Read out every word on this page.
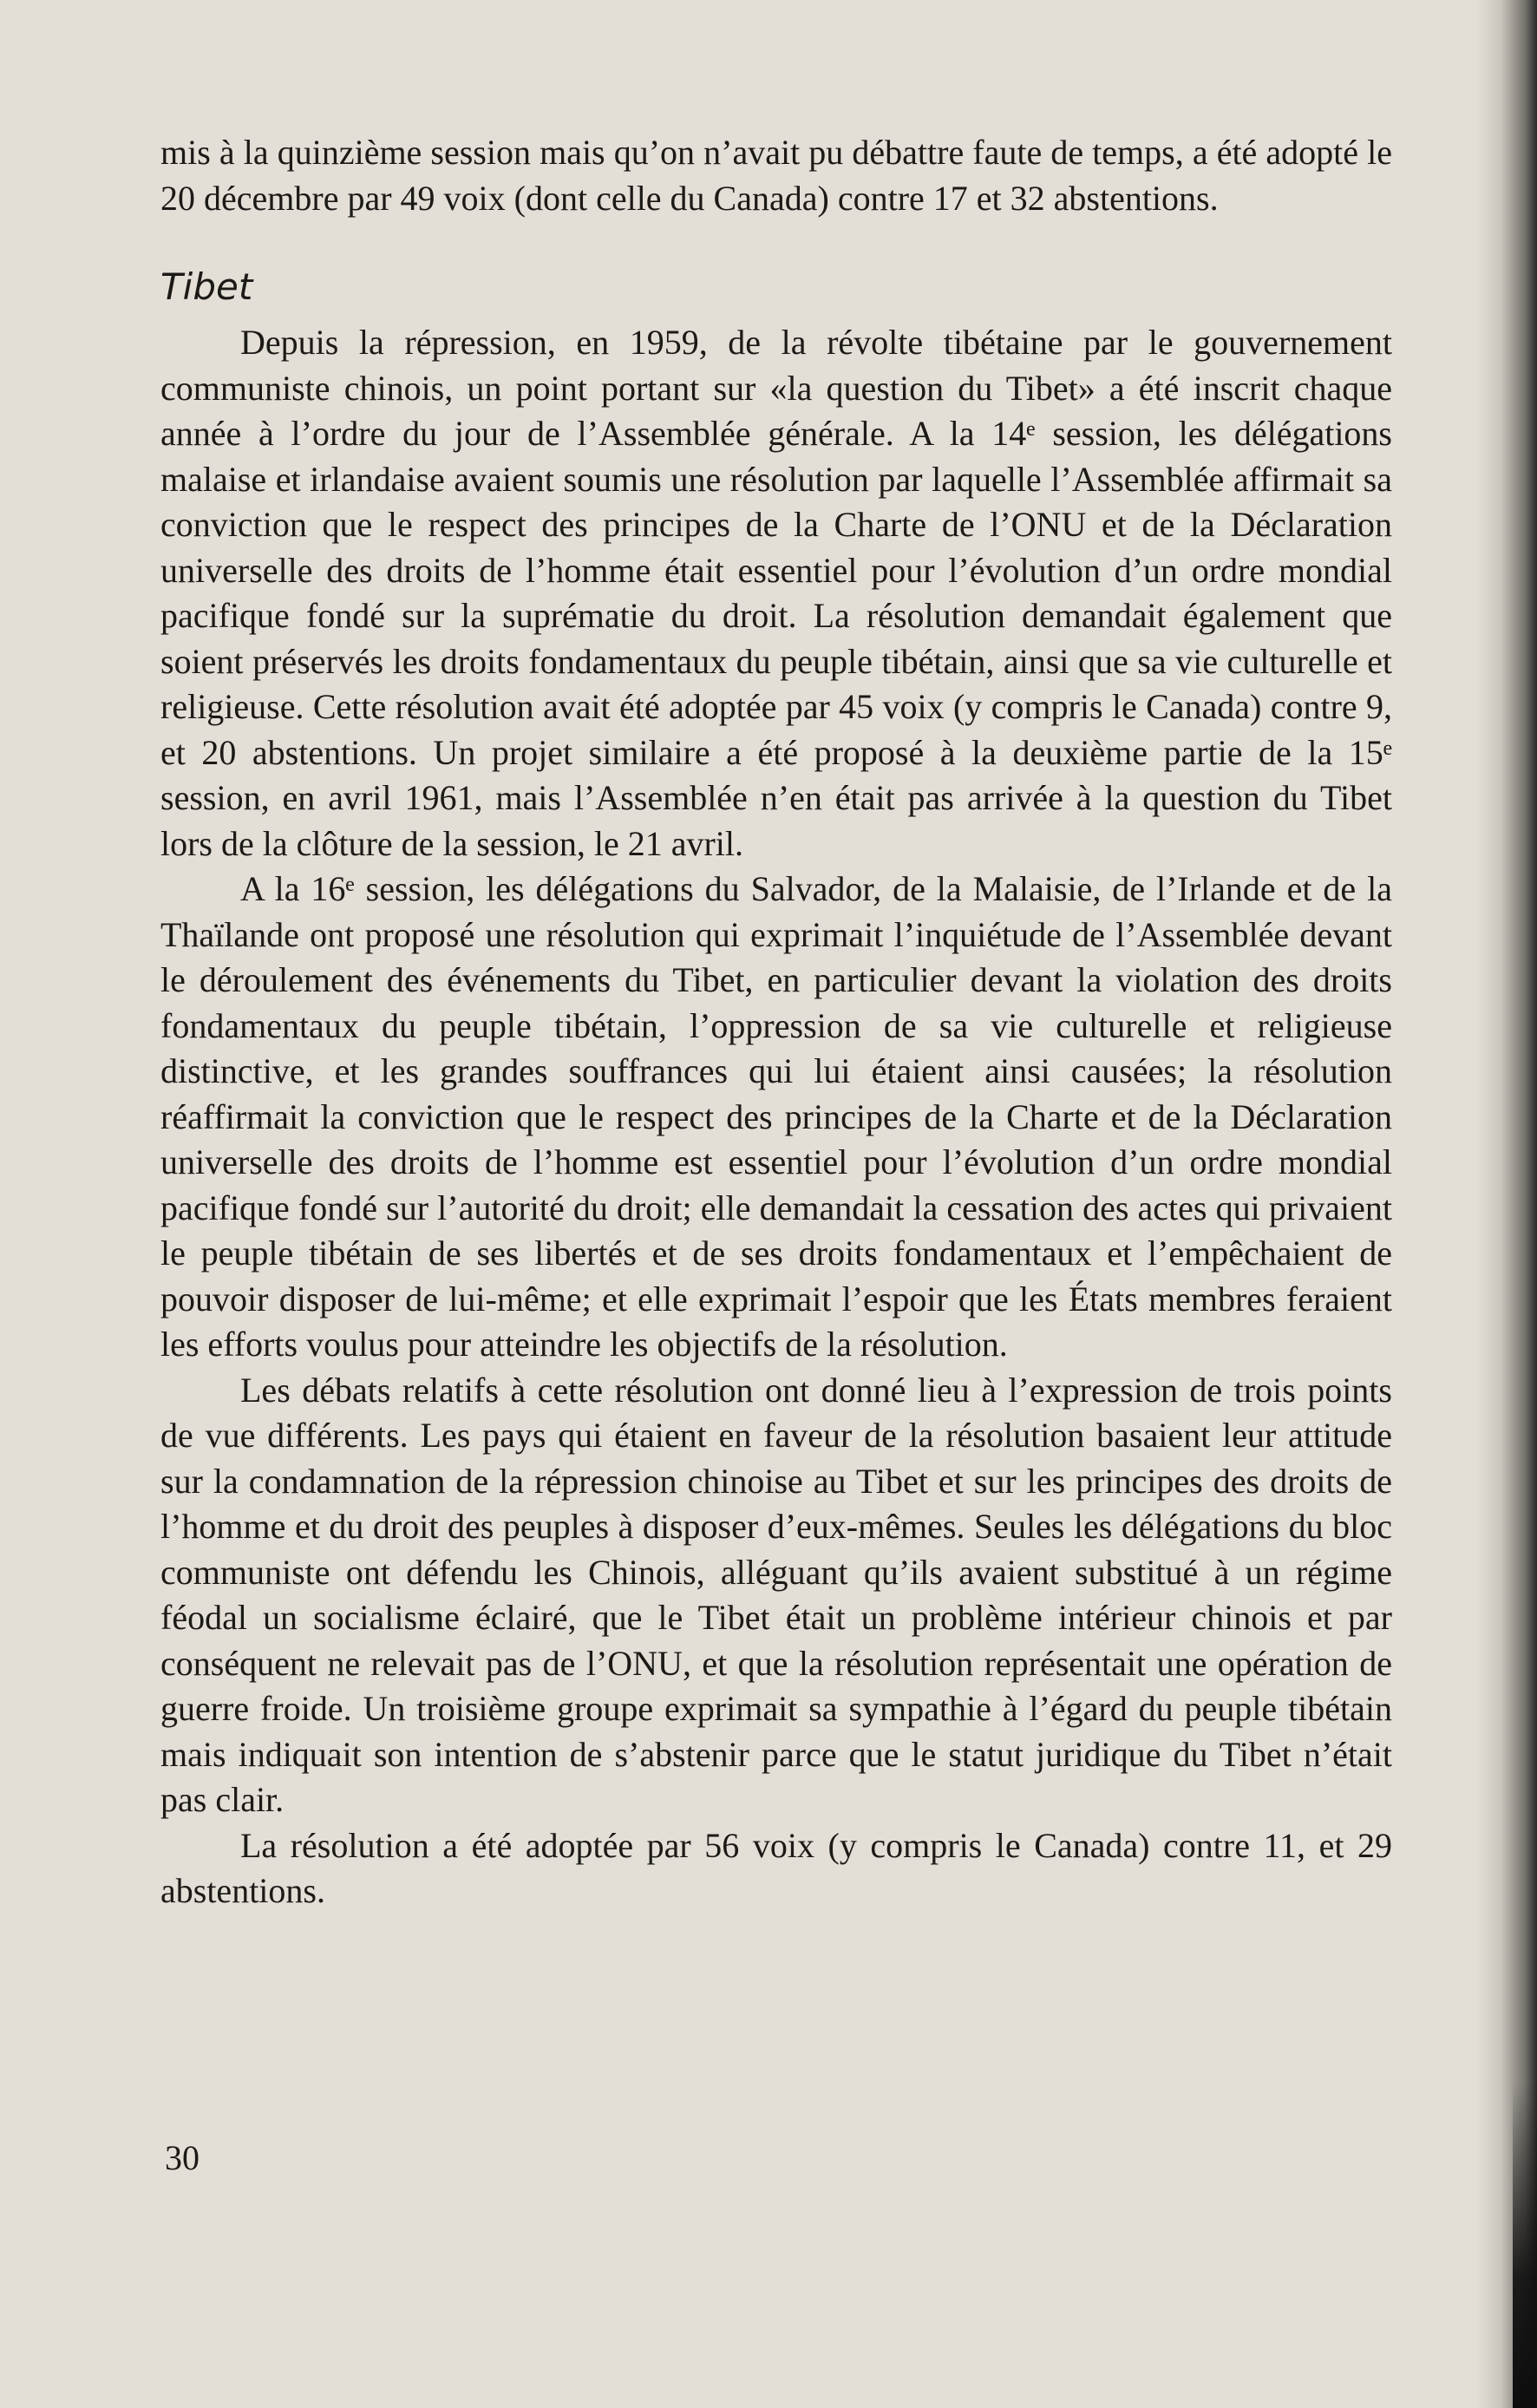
mis à la quinzième session mais qu’on n’avait pu débattre faute de temps, a été adopté le 20 décembre par 49 voix (dont celle du Canada) contre 17 et 32 abstentions.

Tibet

Depuis la répression, en 1959, de la révolte tibétaine par le gouvernement communiste chinois, un point portant sur «la question du Tibet» a été inscrit chaque année à l’ordre du jour de l’Assemblée générale. A la 14ᵉ session, les délégations malaise et irlandaise avaient soumis une résolution par laquelle l’Assemblée affirmait sa conviction que le respect des principes de la Charte de l’ONU et de la Déclaration universelle des droits de l’homme était essentiel pour l’évolution d’un ordre mondial pacifique fondé sur la suprématie du droit. La résolution demandait également que soient préservés les droits fondamentaux du peuple tibétain, ainsi que sa vie culturelle et religieuse. Cette résolution avait été adoptée par 45 voix (y compris le Canada) contre 9, et 20 abstentions. Un projet similaire a été proposé à la deuxième partie de la 15ᵉ session, en avril 1961, mais l’Assemblée n’en était pas arrivée à la question du Tibet lors de la clôture de la session, le 21 avril.

A la 16ᵉ session, les délégations du Salvador, de la Malaisie, de l’Irlande et de la Thaïlande ont proposé une résolution qui exprimait l’inquiétude de l’Assemblée devant le déroulement des événements du Tibet, en particulier devant la violation des droits fondamentaux du peuple tibétain, l’oppression de sa vie culturelle et religieuse distinctive, et les grandes souffrances qui lui étaient ainsi causées; la résolution réaffirmait la conviction que le respect des principes de la Charte et de la Déclaration universelle des droits de l’homme est essentiel pour l’évolution d’un ordre mondial pacifique fondé sur l’autorité du droit; elle demandait la cessation des actes qui privaient le peuple tibétain de ses libertés et de ses droits fondamentaux et l’empêchaient de pouvoir disposer de lui-même; et elle exprimait l’espoir que les États membres feraient les efforts voulus pour atteindre les objectifs de la résolution.

Les débats relatifs à cette résolution ont donné lieu à l’expression de trois points de vue différents. Les pays qui étaient en faveur de la résolution basaient leur attitude sur la condamnation de la répression chinoise au Tibet et sur les principes des droits de l’homme et du droit des peuples à disposer d’eux-mêmes. Seules les délégations du bloc communiste ont défendu les Chinois, alléguant qu’ils avaient substitué à un régime féodal un socialisme éclairé, que le Tibet était un problème intérieur chinois et par conséquent ne relevait pas de l’ONU, et que la résolution représentait une opération de guerre froide. Un troisième groupe exprimait sa sympathie à l’égard du peuple tibétain mais indiquait son intention de s’abstenir parce que le statut juridique du Tibet n’était pas clair.

La résolution a été adoptée par 56 voix (y compris le Canada) contre 11, et 29 abstentions.

30
